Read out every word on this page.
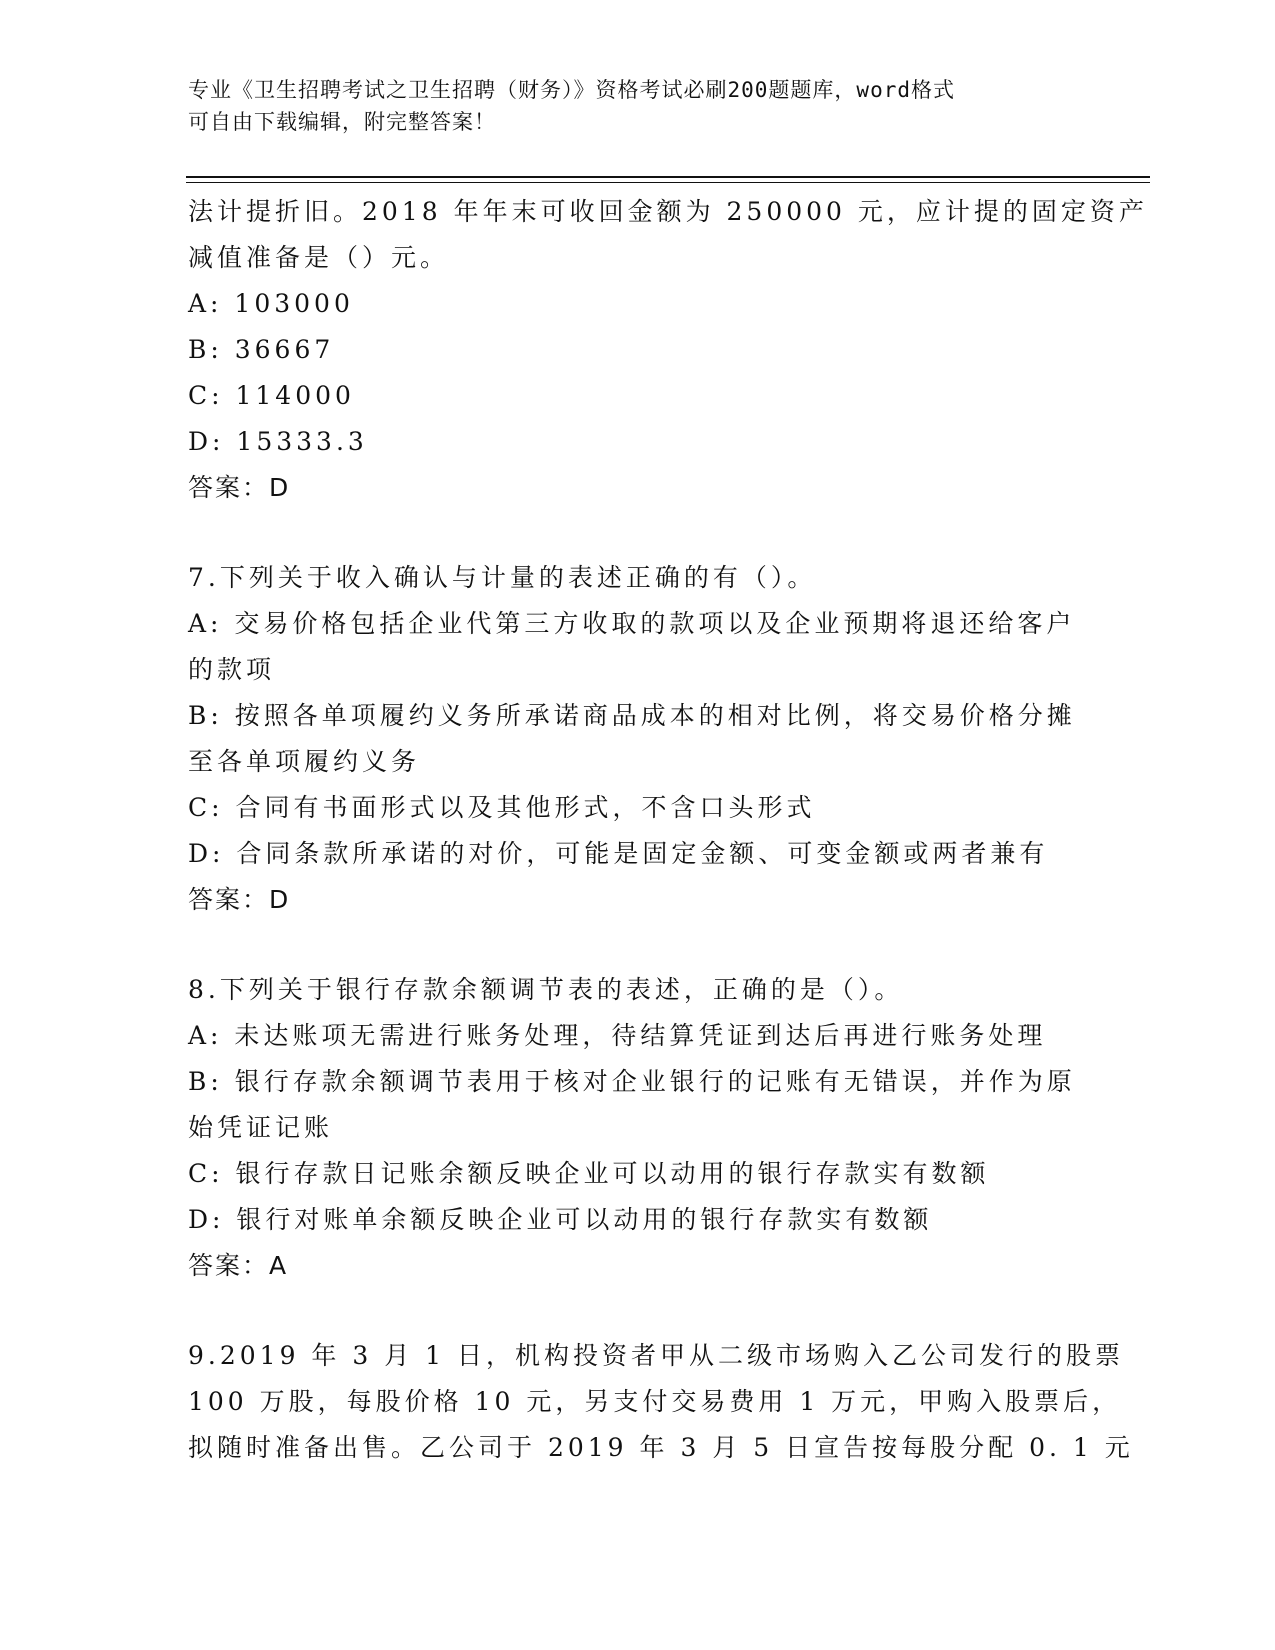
专业《卫生招聘考试之卫生招聘（财务）》资格考试必刷200题题库，word格式
可自由下载编辑，附完整答案！
法计提折旧。2018 年年末可收回金额为 250000 元，应计提的固定资产
减值准备是（）元。
A: 103000
B: 36667
C: 114000
D: 15333.3
答案：D
7.下列关于收入确认与计量的表述正确的有（）。
A: 交易价格包括企业代第三方收取的款项以及企业预期将退还给客户
的款项
B: 按照各单项履约义务所承诺商品成本的相对比例，将交易价格分摊
至各单项履约义务
C: 合同有书面形式以及其他形式，不含口头形式
D: 合同条款所承诺的对价，可能是固定金额、可变金额或两者兼有
答案：D
8.下列关于银行存款余额调节表的表述，正确的是（）。
A: 未达账项无需进行账务处理，待结算凭证到达后再进行账务处理
B: 银行存款余额调节表用于核对企业银行的记账有无错误，并作为原
始凭证记账
C: 银行存款日记账余额反映企业可以动用的银行存款实有数额
D: 银行对账单余额反映企业可以动用的银行存款实有数额
答案：A
9.2019 年 3 月 1 日，机构投资者甲从二级市场购入乙公司发行的股票
100 万股，每股价格 10 元，另支付交易费用 1 万元，甲购入股票后，
拟随时准备出售。乙公司于 2019 年 3 月 5 日宣告按每股分配 0. 1 元
